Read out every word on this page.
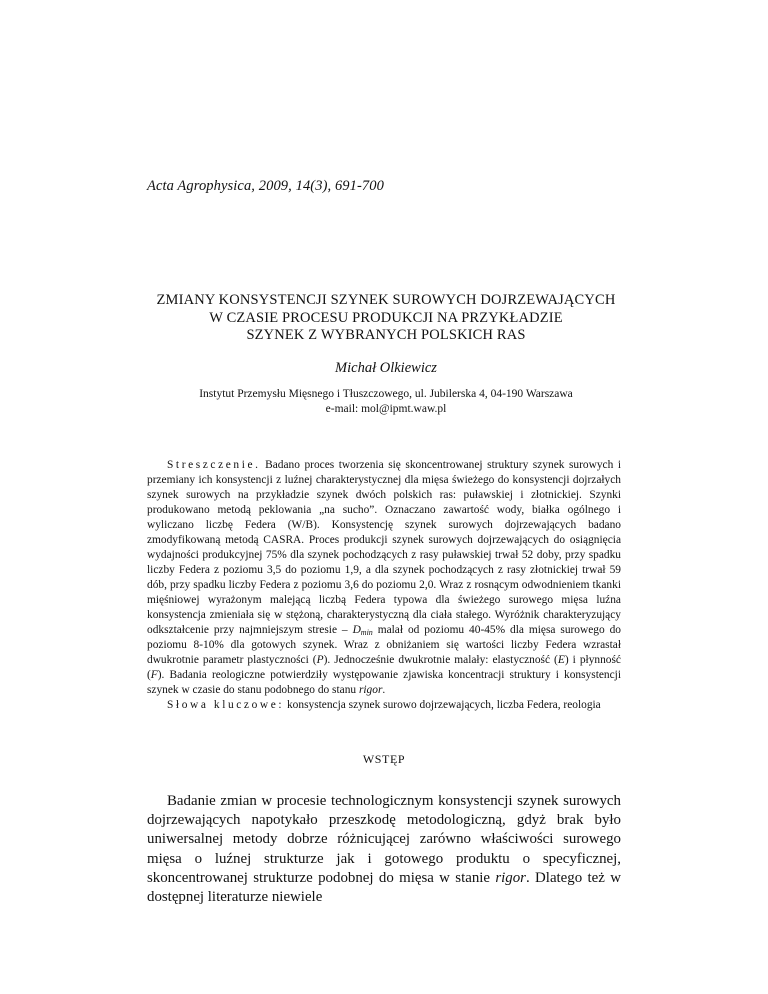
Acta Agrophysica, 2009, 14(3), 691-700
ZMIANY KONSYSTENCJI SZYNEK SUROWYCH DOJRZEWAJĄCYCH
W CZASIE PROCESU PRODUKCJI NA PRZYKŁADZIE
SZYNEK Z WYBRANYCH POLSKICH RAS
Michał Olkiewicz
Instytut Przemysłu Mięsnego i Tłuszczowego, ul. Jubilerska 4, 04-190 Warszawa
e-mail: mol@ipmt.waw.pl

Streszczenie. Badano proces tworzenia się skoncentrowanej struktury szynek surowych i przemiany ich konsystencji z luźnej charakterystycznej dla mięsa świeżego do konsystencji dojrzałych szynek surowych na przykładzie szynek dwóch polskich ras: puławskiej i złotnickiej. Szynki produkowano metodą peklowania „na sucho”. Oznaczano zawartość wody, białka ogólnego i wyliczano liczbę Federa (W/B). Konsystencję szynek surowych dojrzewających badano zmodyfikowaną metodą CASRA. Proces produkcji szynek surowych dojrzewających do osiągnięcia wydajności produkcyjnej 75% dla szynek pochodzących z rasy puławskiej trwał 52 doby, przy spadku liczby Federa z poziomu 3,5 do poziomu 1,9, a dla szynek pochodzących z rasy złotnickiej trwał 59 dób, przy spadku liczby Federa z poziomu 3,6 do poziomu 2,0. Wraz z rosnącym odwodnieniem tkanki mięśniowej wyrażonym malejącą liczbą Federa typowa dla świeżego surowego mięsa luźna konsystencja zmieniała się w stężoną, charakterystyczną dla ciała stałego. Wyróżnik charakteryzujący odkształcenie przy najmniejszym stresie – $D_{min}$ malał od poziomu 40-45% dla mięsa surowego do poziomu 8-10% dla gotowych szynek. Wraz z obniżaniem się wartości liczby Federa wzrastał dwukrotnie parametr plastyczności (P). Jednocześnie dwukrotnie malały: elastyczność (E) i płynność (F). Badania reologiczne potwierdziły występowanie zjawiska koncentracji struktury i konsystencji szynek w czasie do stanu podobnego do stanu rigor.

Słowa kluczowe: konsystencja szynek surowo dojrzewających, liczba Federa, reologia

WSTĘP

Badanie zmian w procesie technologicznym konsystencji szynek surowych dojrzewających napotykało przeszkodę metodologiczną, gdyż brak było uniwersalnej metody dobrze różnicującej zarówno właściwości surowego mięsa o luźnej strukturze jak i gotowego produktu o specyficznej, skoncentrowanej strukturze podobnej do mięsa w stanie rigor. Dlatego też w dostępnej literaturze niewiele
